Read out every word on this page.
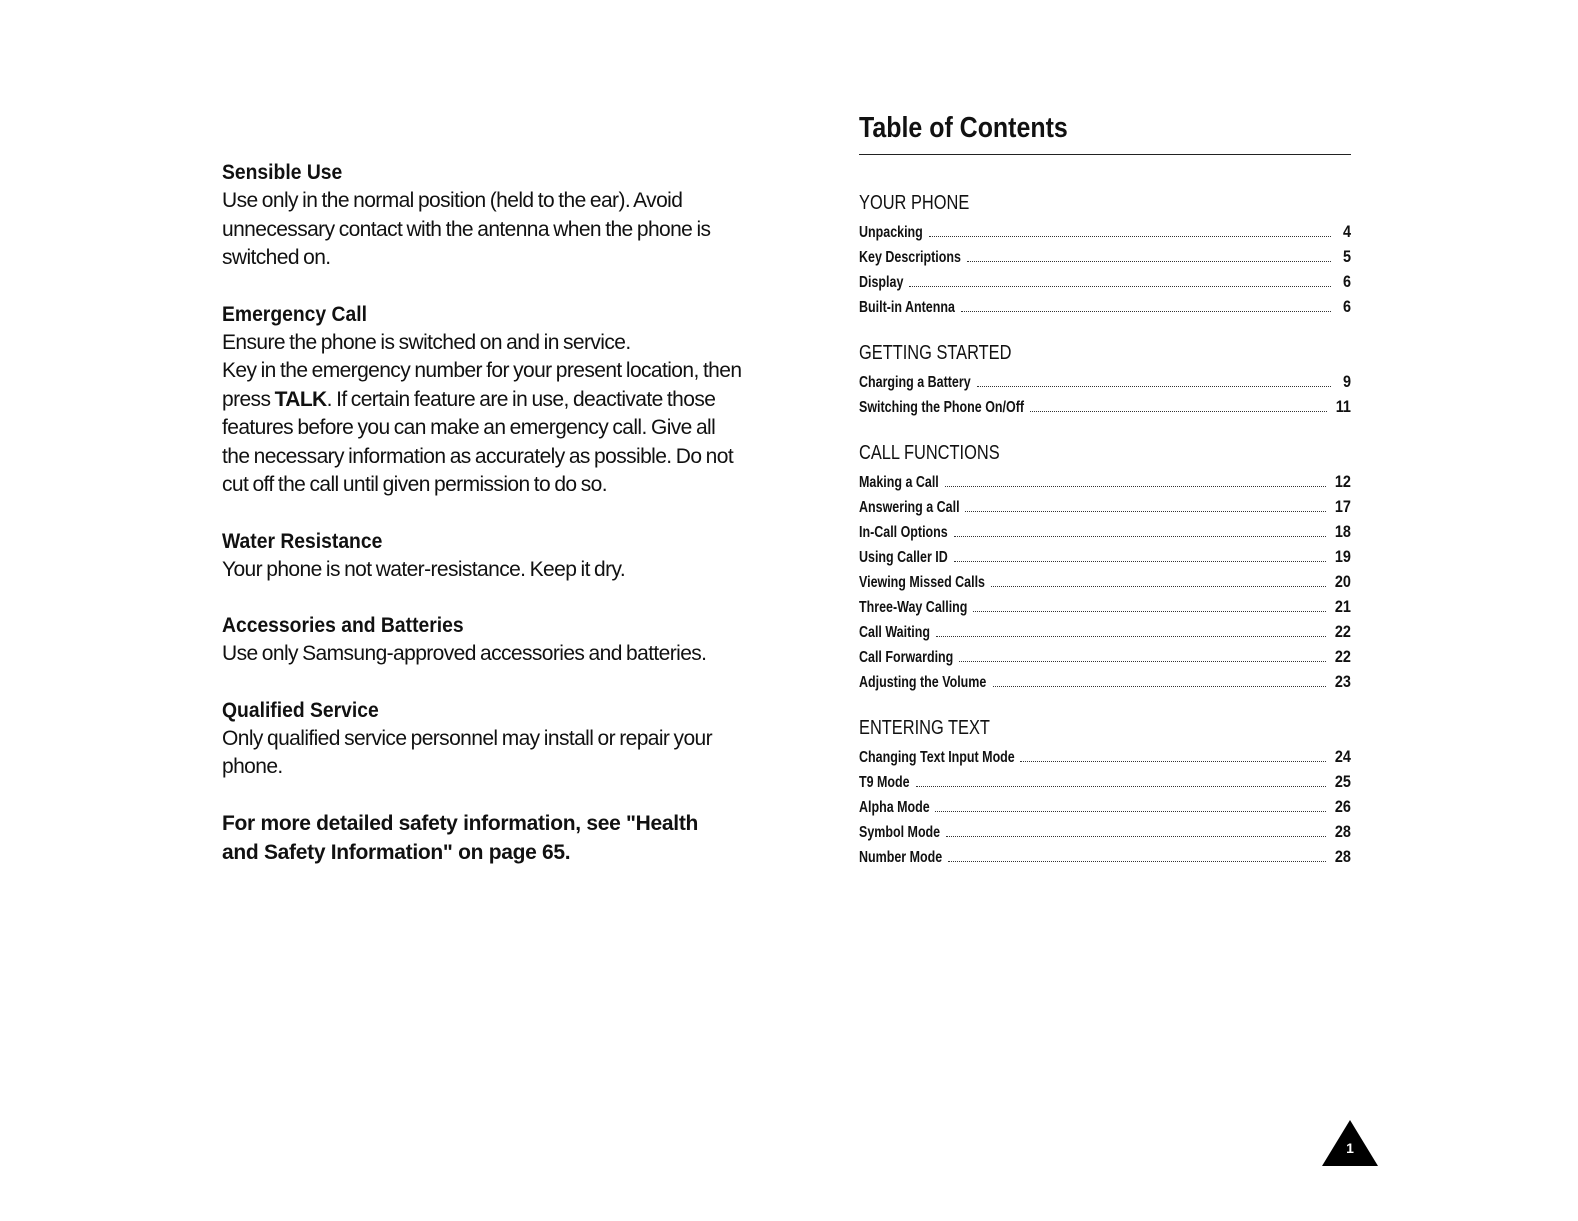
Sensible Use

Use only in the normal position (held to the ear). Avoid unnecessary contact with the antenna when the phone is switched on.

Emergency Call

Ensure the phone is switched on and in service.

Key in the emergency number for your present location, then press TALK. If certain feature are in use, deactivate those features before you can make an emergency call. Give all the necessary information as accurately as possible. Do not cut off the call until given permission to do so.

Water Resistance

Your phone is not water-resistance. Keep it dry.

Accessories and Batteries

Use only Samsung-approved accessories and batteries.

Qualified Service

Only qualified service personnel may install or repair your phone.

For more detailed safety information, see "Health and Safety Information" on page 65.

Table of Contents
YOUR PHONE
Unpacking	4
Key Descriptions	5
Display	6
Built-in Antenna	6
GETTING STARTED
Charging a Battery	9
Switching the Phone On/Off	11
CALL FUNCTIONS
Making a Call	12
Answering a Call	17
In-Call Options	18
Using Caller ID	19
Viewing Missed Calls	20
Three-Way Calling	21
Call Waiting	22
Call Forwarding	22
Adjusting the Volume	23
ENTERING TEXT
Changing Text Input Mode	24
T9 Mode	25
Alpha Mode	26
Symbol Mode	28
Number Mode	28
1
